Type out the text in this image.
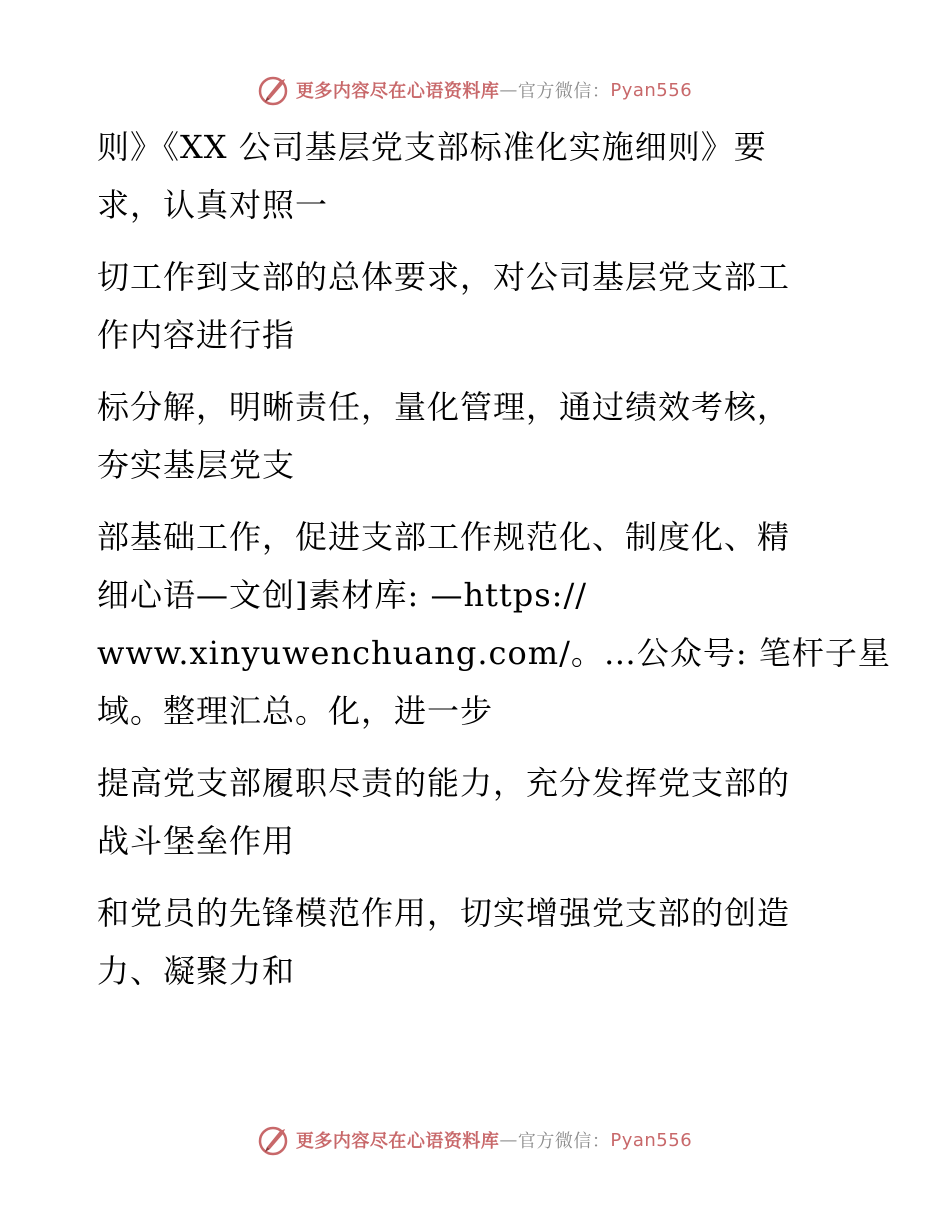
更多内容尽在心语资料库 — 官方微信： Pyan556
则》《XX 公司基层党支部标准化实施细则》要
求，认真对照一
切工作到支部的总体要求，对公司基层党支部工
作内容进行指
标分解，明晰责任，量化管理，通过绩效考核，
夯实基层党支
部基础工作，促进支部工作规范化、制度化、精
细心语—文创]素材库: —https://
www.xinyuwenchuang.com/。…公众号: 笔杆子星
域。整理汇总。化，进一步
提高党支部履职尽责的能力，充分发挥党支部的
战斗堡垒作用
和党员的先锋模范作用，切实增强党支部的创造
力、凝聚力和
更多内容尽在心语资料库 — 官方微信： Pyan556
